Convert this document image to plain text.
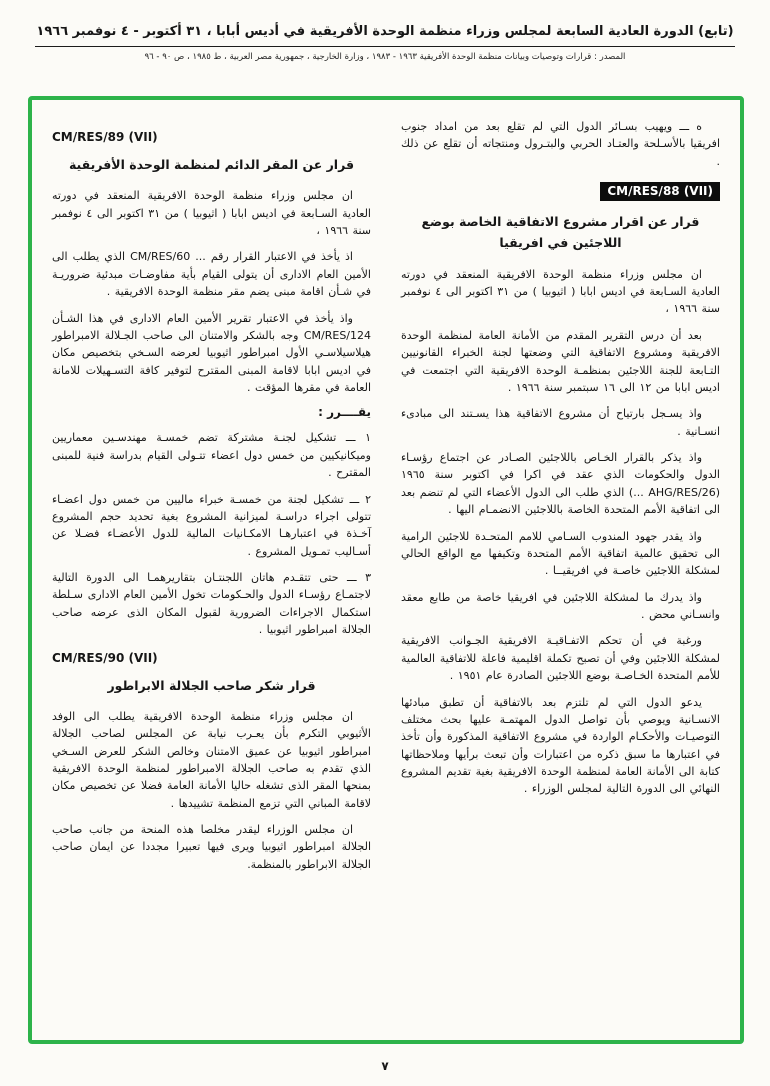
(تابع) الدورة العادية السابعة لمجلس وزراء منظمة الوحدة الأفريقية في أديس أبابا ، ٣١ أكتوبر - ٤ نوفمبر ١٩٦٦
المصدر : قرارات وتوصيات وبيانات منظمة الوحدة الأفريقية ١٩٦٣ - ١٩٨٣ ، وزارة الخارجية ، جمهورية مصر العربية ، ط ١٩٨٥ ، ص ٩٠ - ٩٦
ه ـــ ويهيب بسـائر الدول التي لم تقلع بعد من امداد جنوب افريقيا بالأسـلحة والعتـاد الحربي والبتـرول ومنتجاته أن تقلع عن ذلك .
CM/RES/88 (VII)
قرار عن اقرار مشروع الاتفاقية الخاصة بوضع اللاجئين في افريقيا
ان مجلس وزراء منظمة الوحدة الافريقية المنعقد في دورته العادية السـابعة في اديس ابابا ( اثيوبيا ) من ٣١ اكتوبر الى ٤ نوفمبر سنة ١٩٦٦ ،
بعد أن درس التقرير المقدم من الأمانة العامة لمنظمة الوحدة الافريقية ومشروع الاتفاقية التي وضعتها لجنة الخبراء القانونيين التـابعة للجنة اللاجئين بمنظمـة الوحدة الافريقية التي اجتمعت في اديس ابابا من ١٢ الى ١٦ سبتمبر سنة ١٩٦٦ .
واذ يسـجل بارتياح أن مشروع الاتفاقية هذا يسـتند الى مبادىء انسـانية .
واذ يذكر بالقرار الخـاص باللاجئين الصـادر عن اجتماع رؤسـاء الدول والحكومات الذي عقد في اكرا في اكتوبر سنة ١٩٦٥ (AHG/RES/26 ...) الذي طلب الى الدول الأعضاء التي لم تنضم بعد الى اتفاقية الأمم المتحدة الخاصة باللاجئين الانضمـام اليها .
واذ يقدر جهود المندوب السـامي للامم المتحـدة للاجئين الرامية الى تحقيق عالمية اتفاقية الأمم المتحدة وتكيفها مع الواقع الحالي لمشكلة اللاجئين خاصـة في افريقيــا .
واذ يدرك ما لمشكلة اللاجئين في افريقيا خاصة من طابع معقد وانسـاني محض .
ورغبة في أن تحكم الاتفـاقيـة الافريقية الجـوانب الافريقية لمشكلة اللاجئين وفي أن تصبح تكملة اقليمية فاعلة للاتفاقية العالمية للأمم المتحدة الخـاصـة بوضع اللاجئين الصادرة عام ١٩٥١ .
يدعو الدول التي لم تلتزم بعد بالاتفاقية أن تطبق مبادئها الانسـانية ويوصي بأن تواصل الدول المهتمـة عليها بحث مختلف التوصيـات والأحكـام الواردة في مشروع الاتفاقية المذكورة وأن تأخذ في اعتبارها ما سبق ذكره من اعتبارات وأن تبعث برأيها وملاحظاتها كتابة الى الأمانة العامة لمنظمة الوحدة الافريقية بغية تقديم المشروع النهائي الى الدورة التالية لمجلس الوزراء .
CM/RES/89 (VII)
قرار عن المقر الدائم لمنظمة الوحدة الأفريقية
ان مجلس وزراء منظمة الوحدة الافريقية المنعقد في دورته العادية السـابعة في اديس ابابا ( اثيوبيا ) من ٣١ اكتوبر الى ٤ نوفمبر سنة ١٩٦٦ ،
اذ يأخذ في الاعتبار القرار رقم ... CM/RES/60 الذي يطلب الى الأمين العام الادارى أن يتولى القيام بأية مفاوضـات مبدئية ضروريـة في شـأن اقامة مبنى يضم مقر منظمة الوحدة الافريقية .
واذ يأخذ في الاعتبار تقرير الأمين العام الادارى في هذا الشـأن CM/RES/124 وجه بالشكر والامتنان الى صاحب الجـلالة الامبراطور هيلاسيلاسـي الأول امبراطور اثيوبيا لعرضه السـخي بتخصيص مكان في اديس ابابا لاقامة المبنى المقترح لتوفير كافة التسـهيلات للامانة العامة في مقرها المؤقت .
يقــــرر :
١ ـــ تشكيل لجنـة مشتركة تضم خمسـة مهندسـين معماريين وميكانيكيين من خمس دول اعضاء تتـولى القيام بدراسة فنية للمبنى المقترح .
٢ ـــ تشكيل لجنة من خمسـة خبراء ماليين من خمس دول اعضـاء تتولى اجراء دراسـة لميزانية المشروع بغية تحديد حجم المشروع آخـذة في اعتبارهـا الامكـانيات المالية للدول الأعضـاء فضـلا عن أسـاليب تمـويل المشروع .
٣ ـــ حتى تتقـدم هاتان اللجنتـان بتقاريرهمـا الى الدورة التالية لاجتمـاع رؤسـاء الدول والحـكومات تخول الأمين العام الادارى سـلطة استكمال الاجراءات الضرورية لقبول المكان الذى عرضه صاحب الجلالة امبراطور اثيوبيا .
CM/RES/90 (VII)
قرار شكر صاحب الجلالة الابراطور
ان مجلس وزراء منظمة الوحدة الافريقية يطلب الى الوفد الأثيوبي التكرم بأن يعـرب نيابة عن المجلس لصاحب الجلالة امبراطور اثيوبيا عن عميق الامتنان وخالص الشكر للعرض السـخي الذي تقدم به صاحب الجلالة الامبراطور لمنظمة الوحدة الافريقية بمنحها المقر الذى تشغله حاليا الأمانة العامة فضلا عن تخصيص مكان لاقامة المباني التي تزمع المنظمة تشييدها .
ان مجلس الوزراء ليقدر مخلصا هذه المنحة من جانب صاحب الجلالة امبراطور اثيوبيا ويرى فيها تعبيرا مجددا عن ايمان صاحب الجلالة الابراطور بالمنظمة.
٧
